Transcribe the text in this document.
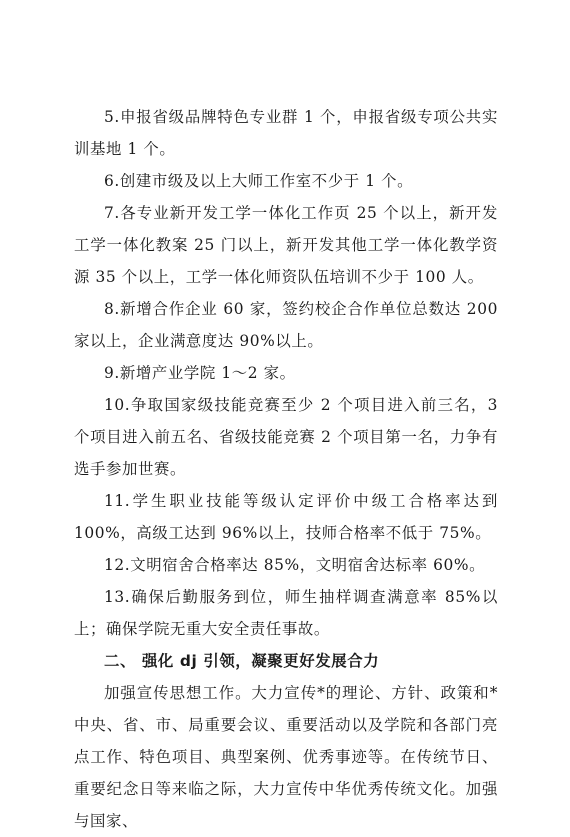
5.申报省级品牌特色专业群 1 个，申报省级专项公共实训基地 1 个。

6.创建市级及以上大师工作室不少于 1 个。

7.各专业新开发工学一体化工作页 25 个以上，新开发工学一体化教案 25 门以上，新开发其他工学一体化教学资源 35 个以上，工学一体化师资队伍培训不少于 100 人。

8.新增合作企业 60 家，签约校企合作单位总数达 200 家以上，企业满意度达 90%以上。

9.新增产业学院 1～2 家。

10.争取国家级技能竞赛至少 2 个项目进入前三名，3 个项目进入前五名、省级技能竞赛 2 个项目第一名，力争有选手参加世赛。

11.学生职业技能等级认定评价中级工合格率达到 100%，高级工达到 96%以上，技师合格率不低于 75%。

12.文明宿舍合格率达 85%，文明宿舍达标率 60%。

13.确保后勤服务到位，师生抽样调查满意率 85%以上；确保学院无重大安全责任事故。

二、 强化 dj 引领，凝聚更好发展合力

加强宣传思想工作。大力宣传*的理论、方针、政策和*中央、省、市、局重要会议、重要活动以及学院和各部门亮点工作、特色项目、典型案例、优秀事迹等。在传统节日、重要纪念日等来临之际，大力宣传中华优秀传统文化。加强与国家、
